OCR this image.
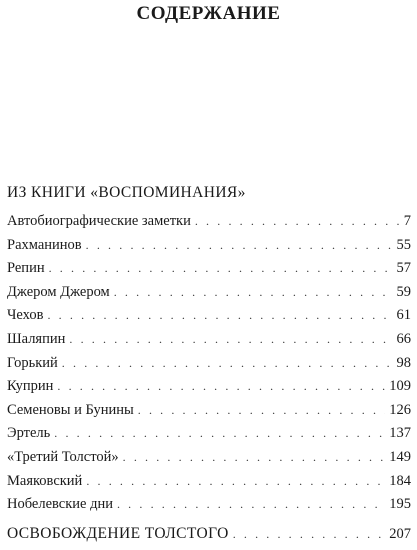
СОДЕРЖАНИЕ
ИЗ КНИГИ «ВОСПОМИНАНИЯ»
Автобиографические заметки . . .	7
Рахманинов . . .	55
Репин . . .	57
Джером Джером . . .	59
Чехов . . .	61
Шаляпин . . .	66
Горький . . .	98
Куприн . . .	109
Семеновы и Бунины . . .	126
Эртель . . .	137
«Третий Толстой» . . .	149
Маяковский . . .	184
Нобелевские дни . . .	195
ОСВОБОЖДЕНИЕ ТОЛСТОГО . . .	207
